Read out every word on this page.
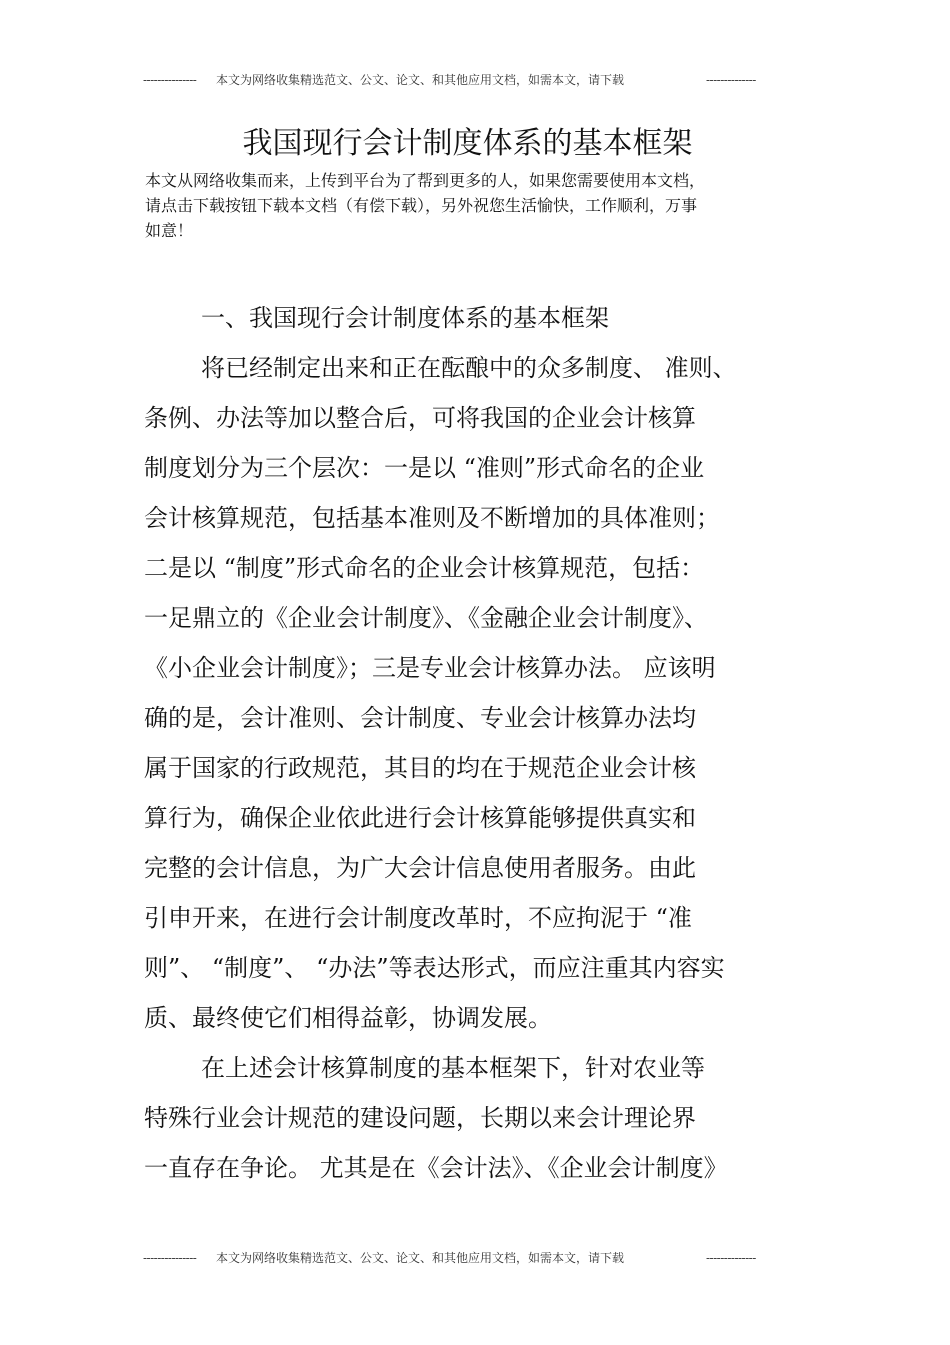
--------------- 本文为网络收集精选范文、公文、论文、和其他应用文档，如需本文，请下载	--------------
我国现行会计制度体系的基本框架
本文从网络收集而来，上传到平台为了帮到更多的人，如果您需要使用本文档，
请点击下载按钮下载本文档（有偿下载），另外祝您生活愉快，工作顺利，万事
如意！
一、我国现行会计制度体系的基本框架
将已经制定出来和正在酝酿中的众多制度、 准则、
条例、办法等加以整合后，可将我国的企业会计核算
制度划分为三个层次：一是以 “准则”形式命名的企业
会计核算规范，包括基本准则及不断增加的具体准则；
二是以 “制度”形式命名的企业会计核算规范，包括：
一足鼎立的《企业会计制度》、《金融企业会计制度》、
《小企业会计制度》；三是专业会计核算办法。 应该明
确的是，会计准则、会计制度、专业会计核算办法均
属于国家的行政规范，其目的均在于规范企业会计核
算行为，确保企业依此进行会计核算能够提供真实和
完整的会计信息，为广大会计信息使用者服务。由此
引申开来，在进行会计制度改革时，不应拘泥于 “准
则”、 “制度”、 “办法”等表达形式，而应注重其内容实
质、最终使它们相得益彰，协调发展。
在上述会计核算制度的基本框架下，针对农业等
特殊行业会计规范的建设问题，长期以来会计理论界
一直存在争论。 尤其是在《会计法》、《企业会计制度》
--------------- 本文为网络收集精选范文、公文、论文、和其他应用文档，如需本文，请下载	--------------
